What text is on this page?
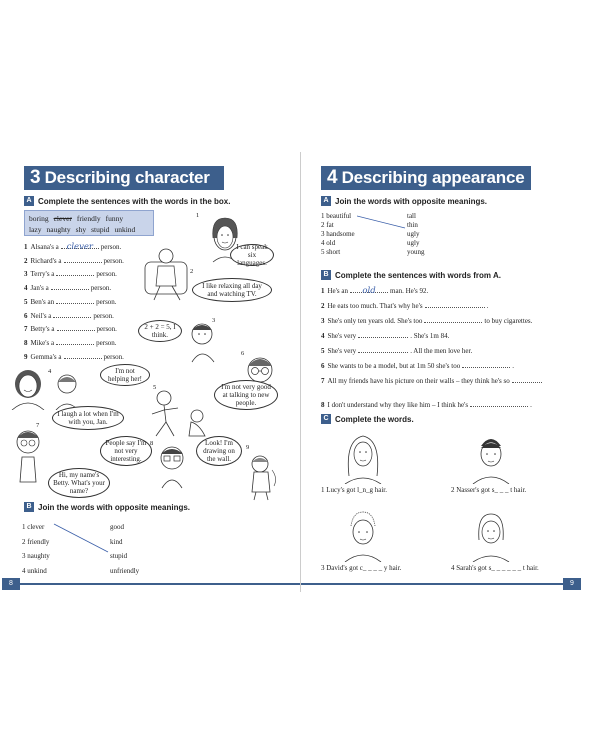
3 Describing character
A Complete the sentences with the words in the box.
boring clever friendly funny
lazy naughty shy stupid unkind
1 Alsana's a clever	person.
2 Richard's a	person.
3 Terry's a	person.
4 Jan's a	person.
5 Ben's an	person.
6 Neil's a	person.
7 Betty's a	person.
8 Mike's a	person.
9 Gemma's a	person.
1
2
3
4
5
6
7
8
9
I can speak six languages.
I like relaxing all day and watching TV.
2 + 2 = 5, I think.
I'm not helping her!
I'm not very good at talking to new people.
I laugh a lot when I'm with you, Jan.
People say I'm not very interesting.
Look! I'm drawing on the wall.
Hi, my name's Betty. What's your name?
B Join the words with opposite meanings.
1 clever
2 friendly
3 naughty
4 unkind
good
kind
stupid
unfriendly
8
4 Describing appearance
A Join the words with opposite meanings.
1 beautiful
2 fat
3 handsome
4 old
5 short
tall
thin
ugly
ugly
young
B Complete the sentences with words from A.
1 He's an	old	man. He's 92.
2 He eats too much. That's why he's	.
3 She's only ten years old. She's too	to buy cigarettes.
4 She's very	. She's 1m 84.
5 She's very	. All the men love her.
6 She wants to be a model, but at 1m 50 she's too	.
7 All my friends have his picture on their walls – they think he's so
8 I don't understand why they like him – I think he's	.
C Complete the words.
1 Lucy's got l_n_g hair.	2 Nasser's got s_ _ _ t hair.
3 David's got c_ _ _ _ y hair.	4 Sarah's got s_ _ _ _ _ _ t hair.
9
